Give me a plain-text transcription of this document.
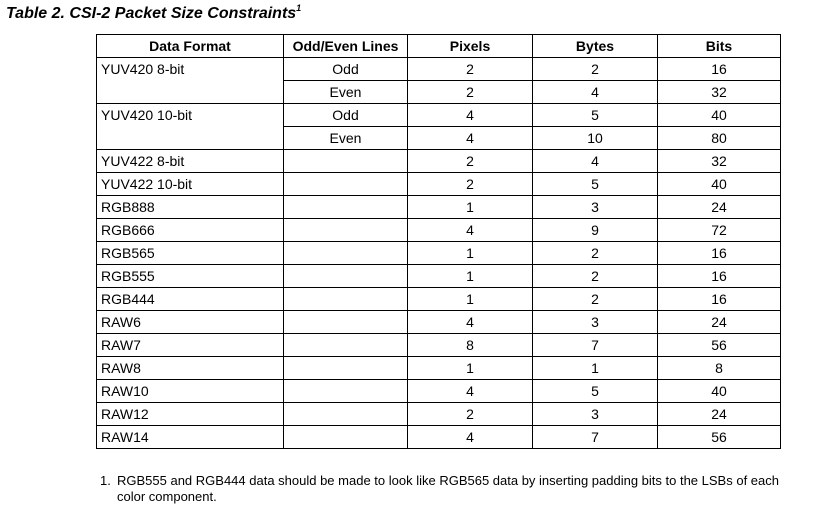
Table 2. CSI-2 Packet Size Constraints$^1$
Data Format	Odd/Even Lines	Pixels	Bytes	Bits
YUV420 8-bit	Odd	2	2	16
	Even	2	4	32
YUV420 10-bit	Odd	4	5	40
	Even	4	10	80
YUV422 8-bit		2	4	32
YUV422 10-bit		2	5	40
RGB888		1	3	24
RGB666		4	9	72
RGB565		1	2	16
RGB555		1	2	16
RGB444		1	2	16
RAW6		4	3	24
RAW7		8	7	56
RAW8		1	1	8
RAW10		4	5	40
RAW12		2	3	24
RAW14		4	7	56
1. RGB555 and RGB444 data should be made to look like RGB565 data by inserting padding bits to the LSBs of each color component.
